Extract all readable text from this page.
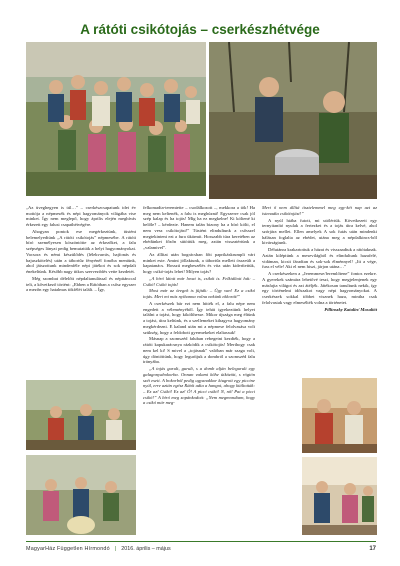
A rátóti csikótojás – cserkészhétvége

„Az üveghegyen is túl…” – cserkészcsapatunk idei év mottója a népmesék és népi hagyományok világába vise minket. Így nem meglepő, hogy április elején meghívás érkezett egy falusi csapathétvégére.

Ahogyan pontok ese megérkeztünk, tüstént belemelyedtünk „A rátóti csikótojás” népmesébe. A rátóti bíró személyesen köszöntötte az érkezőket, a falu szépséges lányai pedig bemutatták a helyi hagyományokat. Vacsora és némi készülődés (lélekvarrás, hajfonás és bajuszkötelés) után a tábortűz fényénél fonóba mentünk, ahol játszottunk mindenféle népi játékot és sok népdalt énekeltünk. Később nagy titkos szerveződés vette kezdetét.

Még szombat délelőtt népdaltanulással és népitánccal telt, a kővetkező történt: „Ebben a Rátótban a csősz egyszer a mezőn egy hatalmas tökfélét talált. – Így,

felkomadta-teremtette – csodálkozott –, mekkora a tök! Ha meg nem keltenék, a falu is meghúzná! Egyszerre csak jól szép kalap és ha tojás! Míg ha ez megkelne! Ki költené ki belőle? – kérdezte. Hanem talán bizony ha a bíró költi, el nem vesz csikótojást!” Tüstént elindultunk a csősszel megtekinteni ezt a fura ükármit. Hosszabb túra keretében az ebédünket főzőn sütöttük meg, aztán visszatértünk a „valamivel”.

Az állítat után bográcsban főtt paprikáskrumpli várt minket este. Amint jóllaktunk, a tábortűz mellett összeült a kapatanács. Hosszú megbeszélés és vita után kiderítettük, hogy csikó-tojás lehet! Milyen tojás?

„A bíró látott már lovat is, csikót is. Felkiáltott hát: – Csikó! Csikó tojás!

Most már az öregek is fújták: – Úgy van! Ez a csikó tojás. Meri mi más nyihanna volna nekünk ekkorát!”

A cserkészek bár ezt nem hitték el, a falu népe nem engedett a véleményéből. Így tehát igyekeztünk helyet találni a tojást, hogy kikölthesse. Mikor újszága meg éltünk a tojást, útra keltünk, és a szellemeket kihagyva hagyomány megkérdezni. E kaland után mi a népmese felolvasása volt szükség, hogy a feldobott gyermekeket elaltassuk!

Másnap a szomszéd faluban rebegetni kezdték, hogy a rátóti kapukarácsnya rázkódik a csikótojás! Merthogy csak nem kel ki! S mivel a „tojásnak” valóban már szaga volt, úgy döntöttünk, hogy legurítjuk a dombról a szomszéd falu irányába.

„A tojás gurult, gurult, s a domb alján belegurult egy galagonyabokorba. Onnan valami kőhe ütközött, s rögtön szét esett. A bokorból pedig ugyanakkor kiugrott egy piccine nyúl, erre aztán egész Rátót adta a hangot, ahogy kiáltották: – Ez az! Csikó! Ez az! Ó! A picci csikó! N, nő! Pat a picci csikó!” A bíró meg sopánkodott: „Nem megmondtam, hogy a csikó már meg-

Mert ő nem állítá tisztelemmel meg egy-két nap azt az istenadta csikótojást!”

A nyúl hiába futott, mi utólértük. Következett egy ternyitanító nyulak a fertezket és a tojás útra kelvé, ahol szórjára mellet. Ellen amelyek A sok futás után mindenki hálásan foglalta az ebédet, utána meg a népdalkincs-ből kivárságtunk.

Délutánra krakartottuk a házat és visszaadtuk a rátótaknak. Aztán kiléptünk a mesevilágból és elindultunk hazafelé, vidáman, kicsit fáradtan és sok-sok élménnyel! „Itt a vége, fuss el véle! Aki el nem hiszi, járjon utána…”

A cserkészeken a „Jeremmese/feremlőtene” fontos ezekre. A gyerekek számára lehetővé teszi, hogy megjelenjenek egy másfajta világot és azt átéljék. Játékosan tanultunk nekik, így egy történelmi időszakot vagy népi hagyományokat. A cserkészek sokkal többet visznek haza, mintha csak felolvastak vagy elmesélték volna a történetet.

Pillinszky Katalin/ Mosaltöt

MagyarHáz Független Hírmondó | 2016. április – május	17
